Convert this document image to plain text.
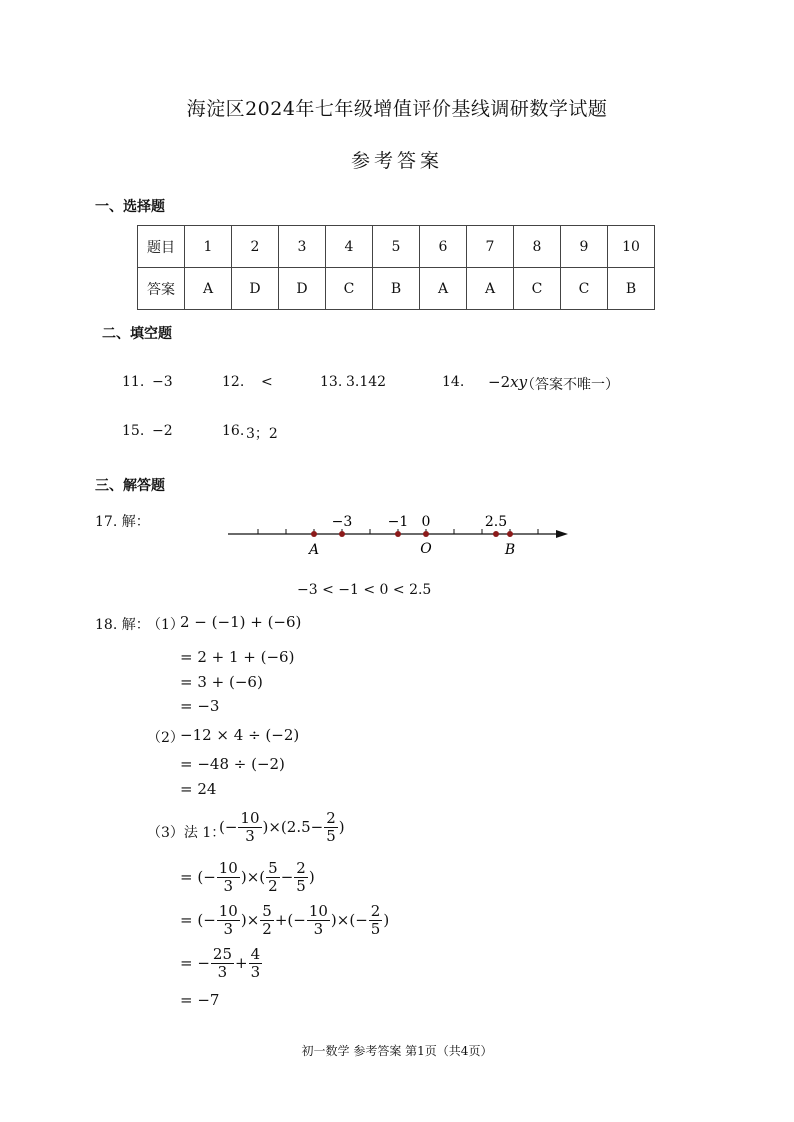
海淀区2024年七年级增值评价基线调研数学试题
参考答案
一、选择题
题目	1	2	3	4	5	6	7	8	9	10
答案	A	D	D	C	B	A	A	C	C	B
二、填空题
11. −3	12. <	13. 3.142	14. −2xy
（答案不唯一）
15. −2	16. 3；2
三、解答题
17. 解：	−3	−1 0	2.5
A	O	B
−3 < −1 < 0 < 2.5
18. 解：
（1）
2 − (−1) + (−6)
= 2 + 1 + (−6)
= 3 + (−6)
= −3
（2）
−12 × 4 ÷ (−2)
= −48 ÷ (−2)
= 24
（3）法 1：
(− $\frac{10}{3} )\times(2.5- \frac{2}{5}$ )
= (− $\frac{10}{3}$ )×( $\frac{5}{2} - \frac{2}{5}$ )
= (− $\frac{10}{3}$ )× $\frac{5}{2}$ +(− $\frac{10}{3}$ )×(− $\frac{2}{5}$ )
= − $\frac{25}{3} + \frac{4}{3}$
= −7
初一数学 参考答案 第1页（共4页）
